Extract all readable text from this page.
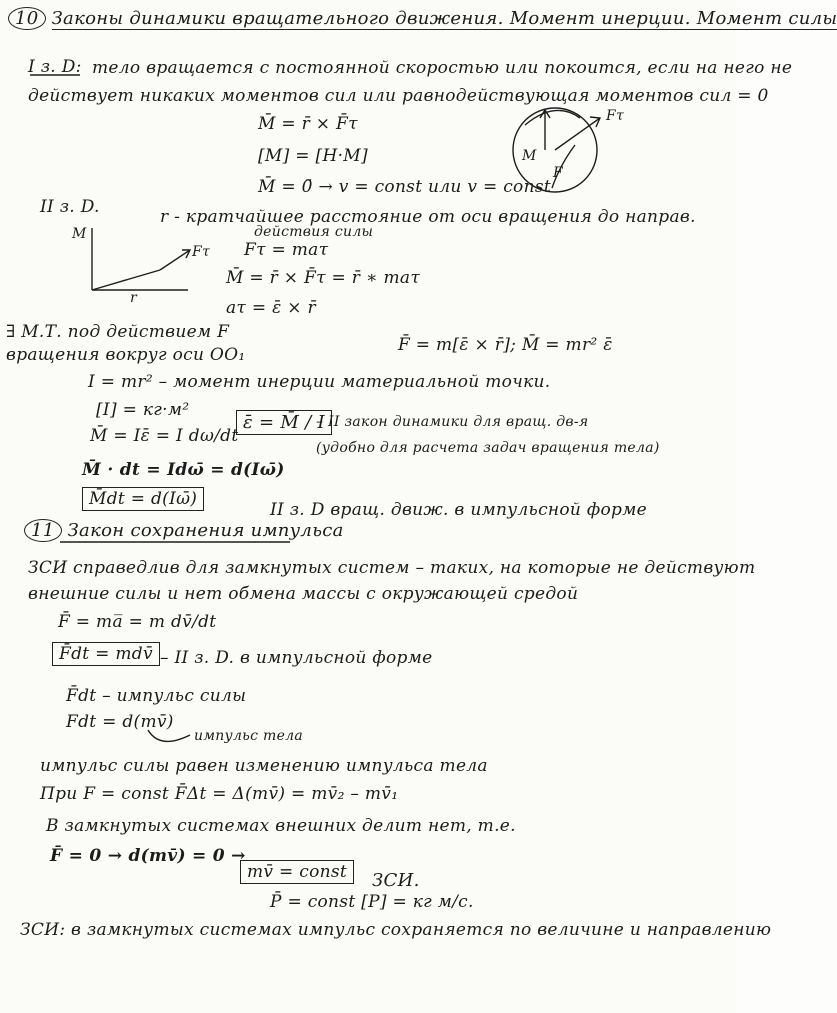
10 Законы динамики вращательного движения. Момент инерции. Момент силы
I з. D: тело вращается с постоянной скоростью или покоится, если на него не
действует никаких моментов сил или равнодействующая моментов сил = 0
M̄ = r̄ × F̄τ
[M] = [H·M]
M̄ = 0̄ → v = const или v = const
Fτ
M
F
II з. D.	r - кратчайшее расстояние от оси вращения до направ.
действия силы
M
Fτ
r
Fτ = maτ
M̄ = r̄ × F̄τ = r̄ ∗ maτ
aτ = ε̄ × r̄
∃ М.Т. под действием F
вращения вокруг оси OO₁	F̄ = m[ε̄ × r̄]; M̄ = mr² ε̄
I = mr² – момент инерции материальной точки.
[I] = кг·м²
M̄ = Iε̄ = I dω/dt
ε̄ = M̄ / I
– II закон динамики для вращ. дв-я
(удобно для расчета задач вращения тела)
M̄ · dt = Idω̄ = d(Iω̄)
M̄dt = d(Iω̄)
II з. D вращ. движ. в импульсной форме
11 Закон сохранения импульса
ЗСИ справедлив для замкнутых систем – таких, на которые не действуют
внешние силы и нет обмена массы с окружающей средой
F̄ = ma̅ = m dv̄/dt
F̄dt = mdv̄ – II з. D. в импульсной форме
F̄dt – импульс силы
Fdt = d(mv̄)
импульс тела
импульс силы равен изменению импульса тела
При F = const F̄Δt = Δ(mv̄) = mv̄₂ – mv̄₁
В замкнутых системах внешних делит нет, т.е.
F̄ = 0 → d(mv̄) = 0 →
mv̄ = const	ЗСИ.
P̄ = const [P] = кг м/с.
ЗСИ: в замкнутых системах импульс сохраняется по величине и направлению
